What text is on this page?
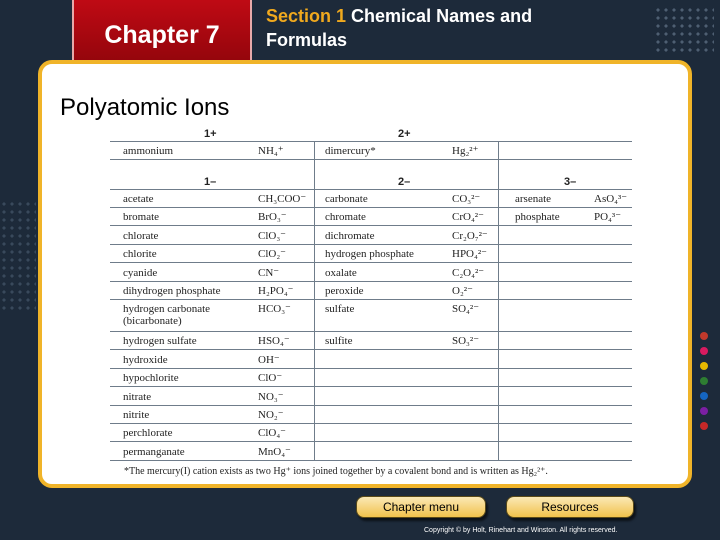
Chapter 7
Section 1 Chemical Names and
Formulas
Polyatomic Ions
1+	2+
1–	2–	3–
ammonium	NH₄⁺	dimercury*	Hg₂²⁺
acetate	CH₃COO⁻ carbonate	CO₃²⁻	arsenate	AsO₄³⁻
bromate	BrO₃⁻	chromate	CrO₄²⁻	phosphate	PO₄³⁻
chlorate	ClO₃⁻	dichromate	Cr₂O₇²⁻
chlorite	ClO₂⁻	hydrogen phosphate	HPO₄²⁻
cyanide	CN⁻	oxalate	C₂O₄²⁻
dihydrogen phosphate	H₂PO₄⁻	peroxide	O₂²⁻
hydrogen carbonate
(bicarbonate)
HCO₃⁻	sulfate	SO₄²⁻
hydrogen sulfate	HSO₄⁻	sulfite	SO₃²⁻
hydroxide	OH⁻
hypochlorite	ClO⁻
nitrate	NO₃⁻
nitrite	NO₂⁻
perchlorate	ClO₄⁻
permanganate	MnO₄⁻
*The mercury(I) cation exists as two Hg⁺ ions joined together by a covalent bond and is written as Hg₂²⁺.
Chapter menu	Resources
Copyright © by Holt, Rinehart and Winston. All rights reserved.
